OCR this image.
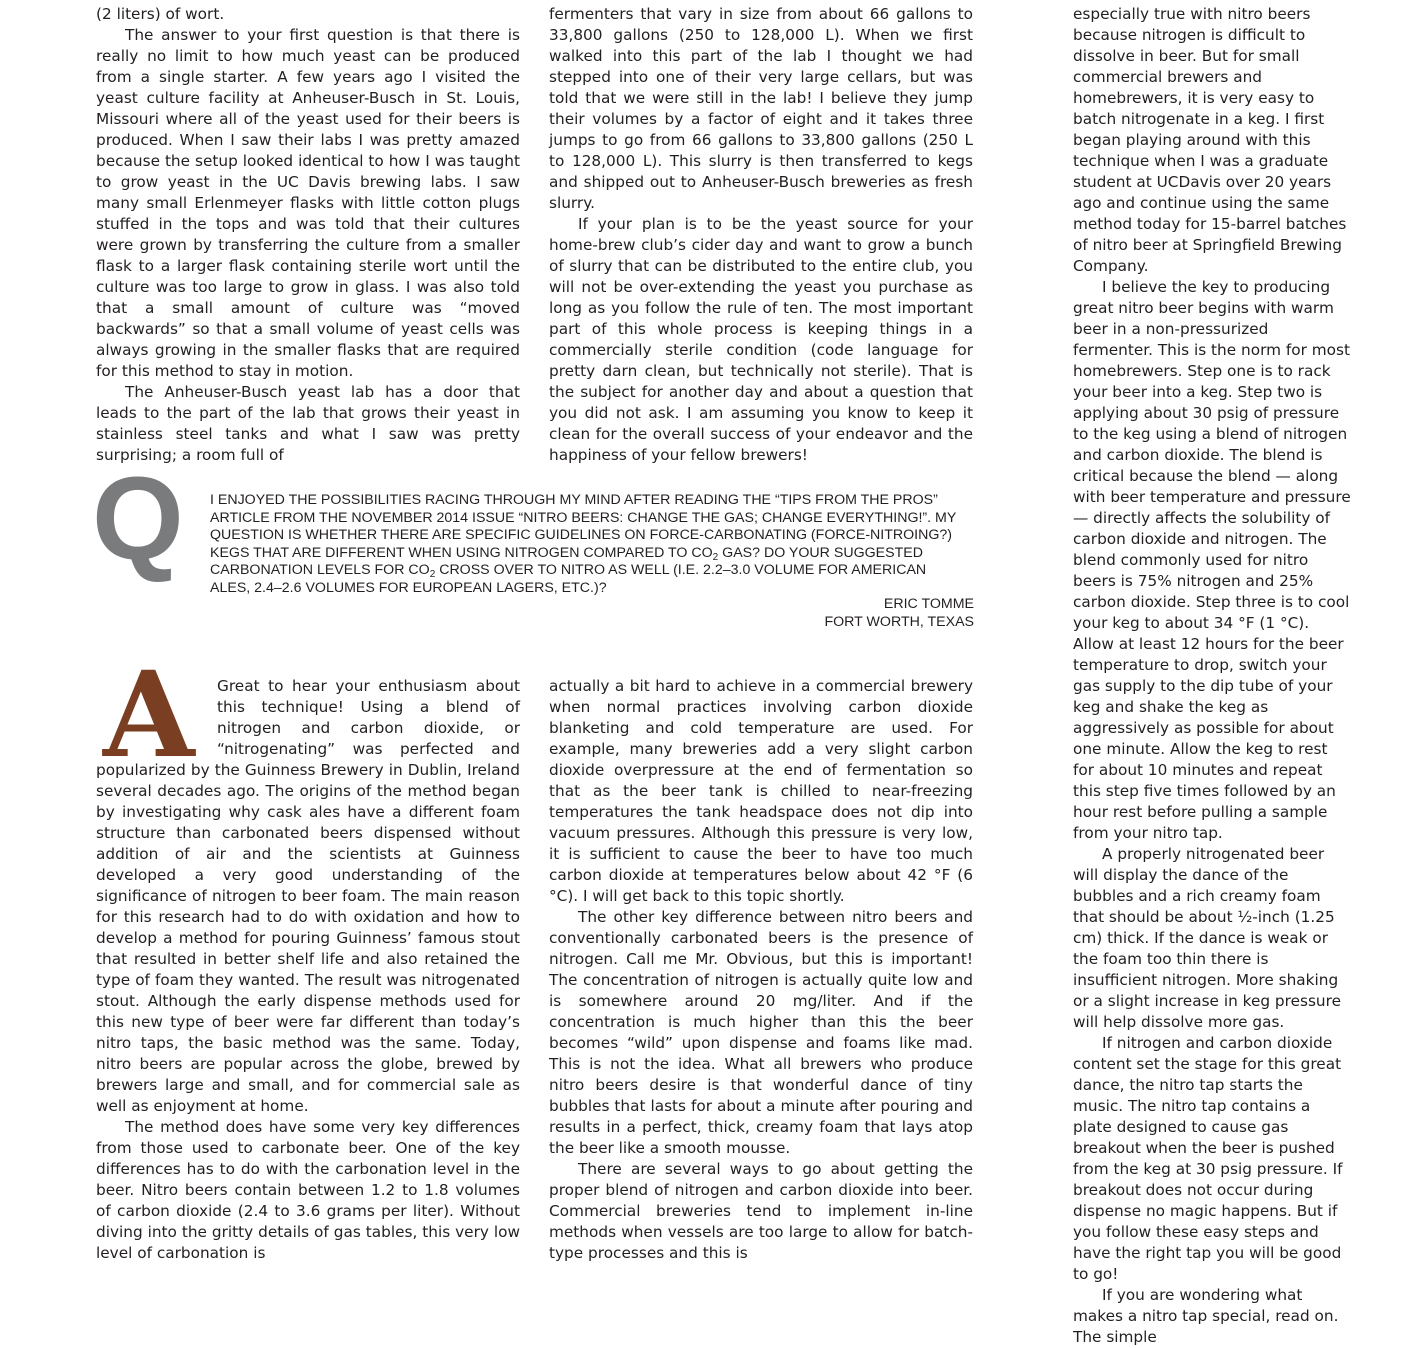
(2 liters) of wort.

The answer to your first question is that there is really no limit to how much yeast can be produced from a single starter. A few years ago I visited the yeast culture facility at Anheuser-Busch in St. Louis, Missouri where all of the yeast used for their beers is produced. When I saw their labs I was pretty amazed because the setup looked identical to how I was taught to grow yeast in the UC Davis brewing labs. I saw many small Erlenmeyer flasks with little cotton plugs stuffed in the tops and was told that their cultures were grown by transferring the culture from a smaller flask to a larger flask containing sterile wort until the culture was too large to grow in glass. I was also told that a small amount of culture was “moved backwards” so that a small volume of yeast cells was always growing in the smaller flasks that are required for this method to stay in motion.

The Anheuser-Busch yeast lab has a door that leads to the part of the lab that grows their yeast in stainless steel tanks and what I saw was pretty surprising; a room full of

fermenters that vary in size from about 66 gallons to 33,800 gallons (250 to 128,000 L). When we first walked into this part of the lab I thought we had stepped into one of their very large cellars, but was told that we were still in the lab! I believe they jump their volumes by a factor of eight and it takes three jumps to go from 66 gallons to 33,800 gallons (250 L to 128,000 L). This slurry is then transferred to kegs and shipped out to Anheuser-Busch breweries as fresh slurry.

If your plan is to be the yeast source for your home-brew club’s cider day and want to grow a bunch of slurry that can be distributed to the entire club, you will not be over-extending the yeast you purchase as long as you follow the rule of ten. The most important part of this whole process is keeping things in a commercially sterile condition (code language for pretty darn clean, but technically not sterile). That is the subject for another day and about a question that you did not ask. I am assuming you know to keep it clean for the overall success of your endeavor and the happiness of your fellow brewers!

Q	I ENJOYED THE POSSIBILITIES RACING THROUGH MY MIND AFTER READING THE “TIPS FROM THE PROS” ARTICLE FROM THE NOVEMBER 2014 ISSUE “NITRO BEERS: CHANGE THE GAS; CHANGE EVERYTHING!”. MY QUESTION IS WHETHER THERE ARE SPECIFIC GUIDELINES ON FORCE-CARBONATING (FORCE-NITROING?) KEGS THAT ARE DIFFERENT WHEN USING NITROGEN COMPARED TO $CO_2$ GAS? DO YOUR SUGGESTED CARBONATION LEVELS FOR $CO_2$ CROSS OVER TO NITRO AS WELL (I.E. 2.2–3.0 VOLUME FOR AMERICAN ALES, 2.4–2.6 VOLUMES FOR EUROPEAN LAGERS, ETC.)?

ERIC TOMME
FORT WORTH, TEXAS
A	Great to hear your enthusiasm about this technique! Using a blend of nitrogen and carbon dioxide, or “nitrogenating” was perfected and popularized by the Guinness Brewery in Dublin, Ireland several decades ago. The origins of the method began by investigating why cask ales have a different foam structure than carbonated beers dispensed without addition of air and the scientists at Guinness developed a very good understanding of the significance of nitrogen to beer foam. The main reason for this research had to do with oxidation and how to develop a method for pouring Guinness’ famous stout that resulted in better shelf life and also retained the type of foam they wanted. The result was nitrogenated stout. Although the early dispense methods used for this new type of beer were far different than today’s nitro taps, the basic method was the same. Today, nitro beers are popular across the globe, brewed by brewers large and small, and for commercial sale as well as enjoyment at home.

The method does have some very key differences from those used to carbonate beer. One of the key differences has to do with the carbonation level in the beer. Nitro beers contain between 1.2 to 1.8 volumes of carbon dioxide (2.4 to 3.6 grams per liter). Without diving into the gritty details of gas tables, this very low level of carbonation is

actually a bit hard to achieve in a commercial brewery when normal practices involving carbon dioxide blanketing and cold temperature are used. For example, many breweries add a very slight carbon dioxide overpressure at the end of fermentation so that as the beer tank is chilled to near-freezing temperatures the tank headspace does not dip into vacuum pressures. Although this pressure is very low, it is sufficient to cause the beer to have too much carbon dioxide at temperatures below about 42 °F (6 °C). I will get back to this topic shortly.

The other key difference between nitro beers and conventionally carbonated beers is the presence of nitrogen. Call me Mr. Obvious, but this is important! The concentration of nitrogen is actually quite low and is somewhere around 20 mg/liter. And if the concentration is much higher than this the beer becomes “wild” upon dispense and foams like mad. This is not the idea. What all brewers who produce nitro beers desire is that wonderful dance of tiny bubbles that lasts for about a minute after pouring and results in a perfect, thick, creamy foam that lays atop the beer like a smooth mousse.

There are several ways to go about getting the proper blend of nitrogen and carbon dioxide into beer. Commercial breweries tend to implement in-line methods when vessels are too large to allow for batch-type processes and this is

especially true with nitro beers because nitrogen is difficult to dissolve in beer. But for small commercial brewers and homebrewers, it is very easy to batch nitrogenate in a keg. I first began playing around with this technique when I was a graduate student at UCDavis over 20 years ago and continue using the same method today for 15-barrel batches of nitro beer at Springfield Brewing Company.

I believe the key to producing great nitro beer begins with warm beer in a non-pressurized fermenter. This is the norm for most homebrewers. Step one is to rack your beer into a keg. Step two is applying about 30 psig of pressure to the keg using a blend of nitrogen and carbon dioxide. The blend is critical because the blend — along with beer temperature and pressure — directly affects the solubility of carbon dioxide and nitrogen. The blend commonly used for nitro beers is 75% nitrogen and 25% carbon dioxide. Step three is to cool your keg to about 34 °F (1 °C). Allow at least 12 hours for the beer temperature to drop, switch your gas supply to the dip tube of your keg and shake the keg as aggressively as possible for about one minute. Allow the keg to rest for about 10 minutes and repeat this step five times followed by an hour rest before pulling a sample from your nitro tap.

A properly nitrogenated beer will display the dance of the bubbles and a rich creamy foam that should be about ½-inch (1.25 cm) thick. If the dance is weak or the foam too thin there is insufficient nitrogen. More shaking or a slight increase in keg pressure will help dissolve more gas.

If nitrogen and carbon dioxide content set the stage for this great dance, the nitro tap starts the music. The nitro tap contains a plate designed to cause gas breakout when the beer is pushed from the keg at 30 psig pressure. If breakout does not occur during dispense no magic happens. But if you follow these easy steps and have the right tap you will be good to go!

If you are wondering what makes a nitro tap special, read on. The simple
